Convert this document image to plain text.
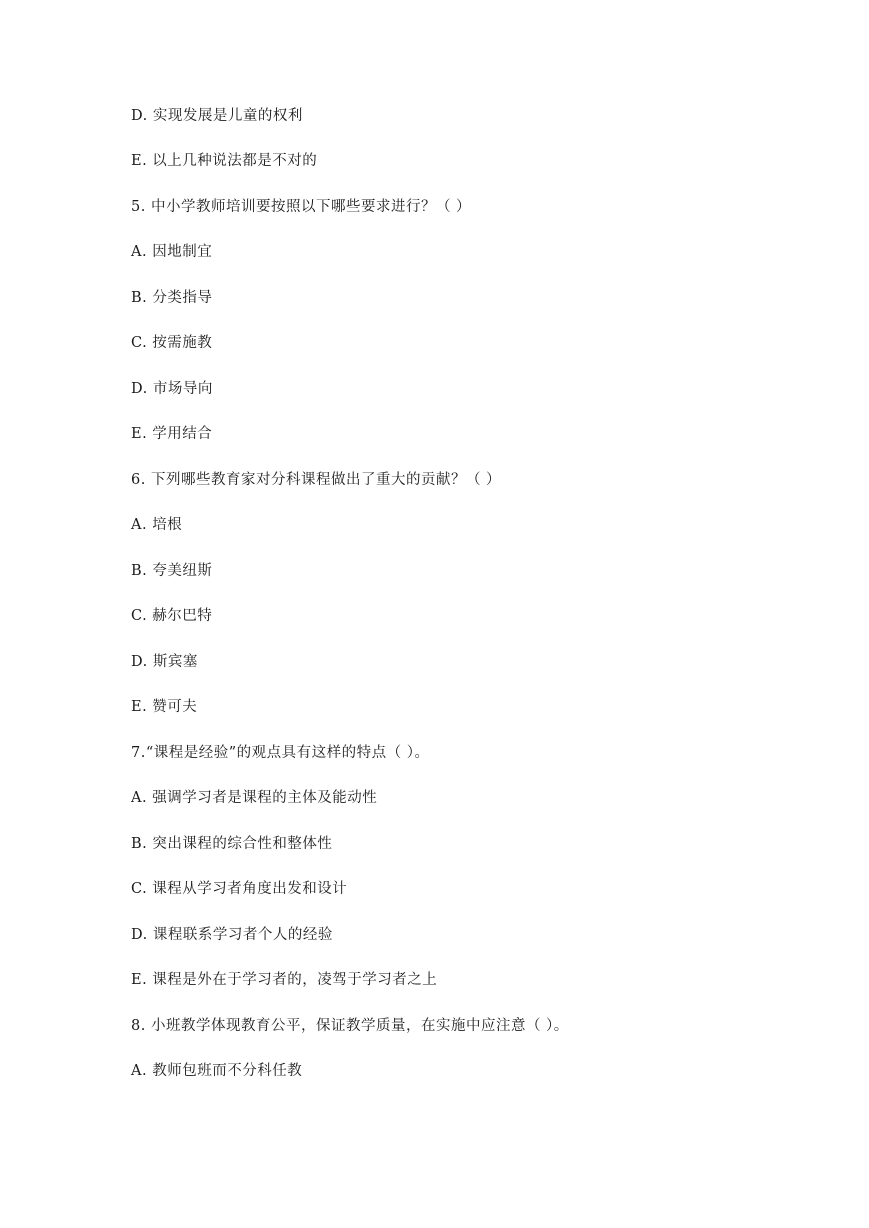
D. 实现发展是儿童的权利
E. 以上几种说法都是不对的
5. 中小学教师培训要按照以下哪些要求进行？（ ）
A. 因地制宜
B. 分类指导
C. 按需施教
D. 市场导向
E. 学用结合
6. 下列哪些教育家对分科课程做出了重大的贡献？（ ）
A. 培根
B. 夸美纽斯
C. 赫尔巴特
D. 斯宾塞
E. 赞可夫
7.“课程是经验”的观点具有这样的特点（ ）。
A. 强调学习者是课程的主体及能动性
B. 突出课程的综合性和整体性
C. 课程从学习者角度出发和设计
D. 课程联系学习者个人的经验
E. 课程是外在于学习者的，凌驾于学习者之上
8. 小班教学体现教育公平，保证教学质量，在实施中应注意（ ）。
A. 教师包班而不分科任教
